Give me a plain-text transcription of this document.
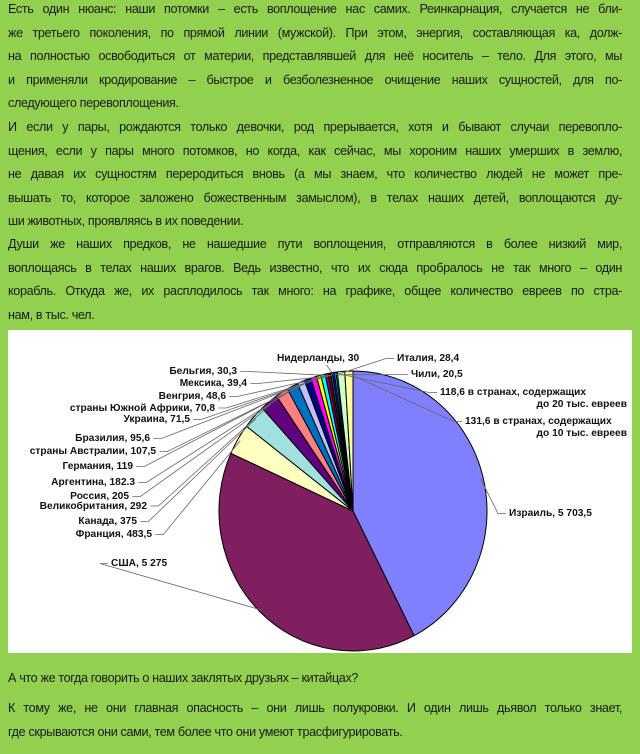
Есть один нюанс: наши потомки – есть воплощение нас самих. Реинкарнация, случается не бли-
же третьего поколения, по прямой линии (мужской). При этом, энергия, составляющая ка, долж-
на полностью освободиться от материи, представлявшей для неё носитель – тело. Для этого, мы
и применяли кродирование – быстрое и безболезненное очищение наших сущностей, для по-
следующего перевоплощения.
И если у пары, рождаются только девочки, род прерывается, хотя и бывают случаи перевопло-
щения, если у пары много потомков, но когда, как сейчас, мы хороним наших умерших в землю,
не давая их сущностям переродиться вновь (а мы знаем, что количество людей не может пре-
вышать то, которое заложено божественным замыслом), в телах наших детей, воплощаются ду-
ши животных, проявляясь в их поведении.
Души же наших предков, не нашедшие пути воплощения, отправляются в более низкий мир,
воплощаясь в телах наших врагов. Ведь известно, что их сюда пробралось не так много – один
корабль. Откуда же, их расплодилось так много: на графике, общее количество евреев по стра-
нам, в тыс. чел.
Израиль, 5 703,5
США, 5 275
Франция, 483,5
Канада, 375
Великобритания, 292
Россия, 205
Аргентина, 182.3
Германия, 119
страны Австралии, 107,5
Бразилия, 95,6
Украина, 71,5
страны Южной Африки, 70,8
Венгрия, 48,6
Мексика, 39,4
Бельгия, 30,3
Нидерланды, 30	Италия, 28,4
Чили, 20,5
118,6 в странах, содержащих
до 20 тыс. евреев
131,6 в странах, содержащих
до 10 тыс. евреев
А что же тогда говорить о наших заклятых друзьях – китайцах?
К тому же, не они главная опасность – они лишь полукровки. И один лишь дьявол только знает,
где скрываются они сами, тем более что они умеют трасфигурировать.
